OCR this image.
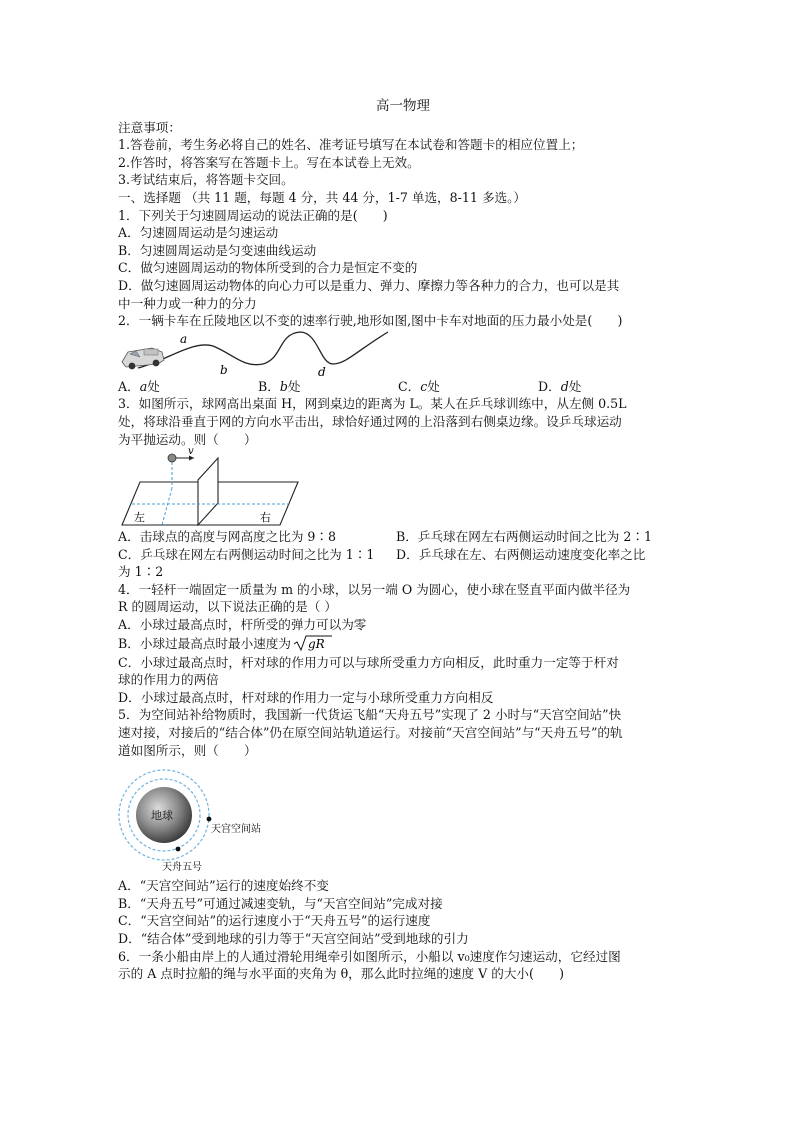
高一物理
注意事项：
1.答卷前，考生务必将自己的姓名、准考证号填写在本试卷和答题卡的相应位置上；
2.作答时，将答案写在答题卡上。写在本试卷上无效。
3.考试结束后，将答题卡交回。
一、选择题 （共 11 题，每题 4 分，共 44 分，1-7 单选，8-11 多选。）
1．下列关于匀速圆周运动的说法正确的是(　　)
A．匀速圆周运动是匀速运动
B．匀速圆周运动是匀变速曲线运动
C．做匀速圆周运动的物体所受到的合力是恒定不变的
D．做匀速圆周运动物体的向心力可以是重力、弹力、摩擦力等各种力的合力，也可以是其
中一种力或一种力的分力
2．一辆卡车在丘陵地区以不变的速率行驶,地形如图,图中卡车对地面的压力最小处是(　　)
a
b	d
A．a处	B．b处	C．c处	D．d处
3．如图所示，球网高出桌面 H，网到桌边的距离为 L。某人在乒乓球训练中，从左侧 0.5L
处，将球沿垂直于网的方向水平击出，球恰好通过网的上沿落到右侧桌边缘。设乒乓球运动
为平抛运动。则（　　）
v
左	右
A．击球点的高度与网高度之比为 9∶8	B．乒乓球在网左右两侧运动时间之比为 2∶1
C．乒乓球在网左右两侧运动时间之比为 1∶1	D．乒乓球在左、右两侧运动速度变化率之比
为 1∶2
4．一轻杆一端固定一质量为 m 的小球，以另一端 O 为圆心，使小球在竖直平面内做半径为
R 的圆周运动，以下说法正确的是（ ）
A．小球过最高点时，杆所受的弹力可以为零
B．小球过最高点时最小速度为 gR
C．小球过最高点时，杆对球的作用力可以与球所受重力方向相反，此时重力一定等于杆对
球的作用力的两倍
D．小球过最高点时，杆对球的作用力一定与小球所受重力方向相反
5．为空间站补给物质时，我国新一代货运飞船“天舟五号”实现了 2 小时与“天宫空间站”快
速对接，对接后的“结合体”仍在原空间站轨道运行。对接前“天宫空间站”与“天舟五号”的轨
道如图所示，则（　　）
地球
天宫空间站
天舟五号
A．“天宫空间站”运行的速度始终不变
B．“天舟五号”可通过减速变轨，与“天宫空间站”完成对接
C．“天宫空间站”的运行速度小于“天舟五号”的运行速度
D．“结合体”受到地球的引力等于“天宫空间站”受到地球的引力
6．一条小船由岸上的人通过滑轮用绳牵引如图所示，小船以 v₀速度作匀速运动，它经过图
示的 A 点时拉船的绳与水平面的夹角为 θ，那么此时拉绳的速度 V 的大小(　　)
